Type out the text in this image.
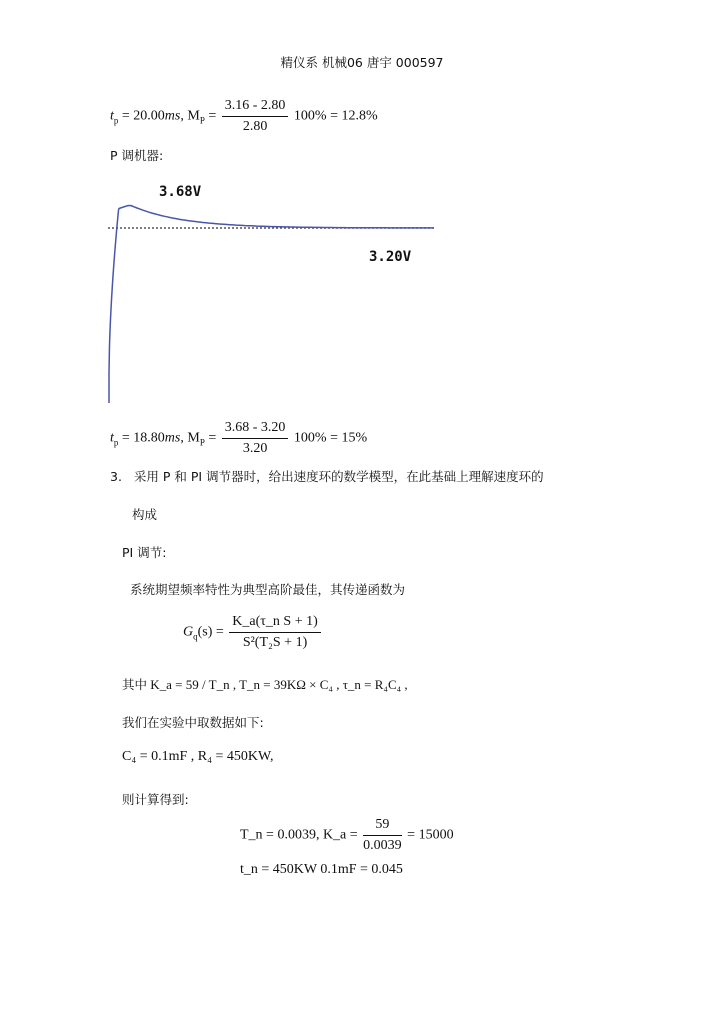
精仪系 机械06 唐宇 000597
$t_p = 20.00ms$, $M_P = \frac{3.16 - 2.80}{2.80} 100\% = 12.8\%$
P 调机器:
3.68V
3.20V
$t_p = 18.80ms$, $M_P = \frac{3.68 - 3.20}{3.20} 100\% = 15\%$
3. 采用 P 和 PI 调节器时，给出速度环的数学模型，在此基础上理解速度环的
构成
PI 调节:
系统期望频率特性为典型高阶最佳，其传递函数为
$G_q(s) = \frac{\text{K\_a(τ\_n S + 1)}}{\text{S²(T₂S + 1)}}$
其中 K_a = 59 / T_n , T_n = 39KΩ × C₄ , τ_n = R₄C₄ ,
我们在实验中取数据如下:
C₄ = 0.1mF , R₄ = 450KW,
则计算得到:
T_n = 0.0039, K_a = $\frac{59}{0.0039} = 15000$
t_n = 450KW 0.1mF = 0.045
